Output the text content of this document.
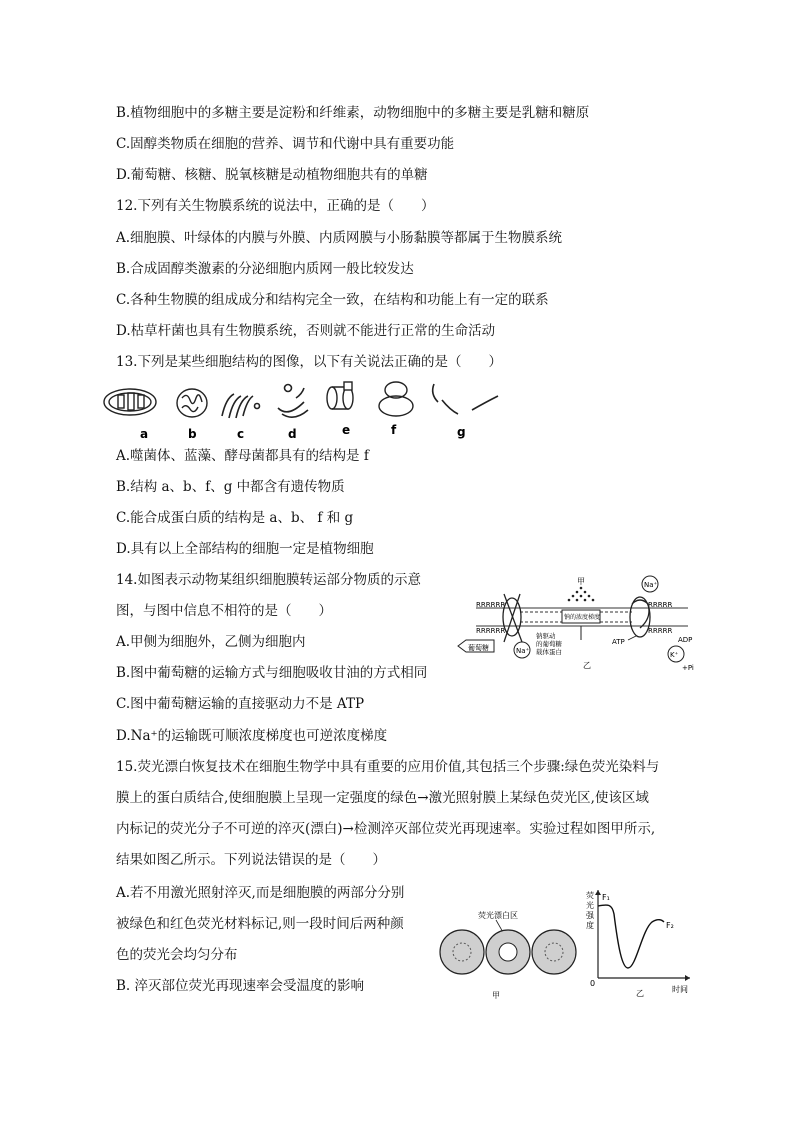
B.植物细胞中的多糖主要是淀粉和纤维素，动物细胞中的多糖主要是乳糖和糖原
C.固醇类物质在细胞的营养、调节和代谢中具有重要功能
D.葡萄糖、核糖、脱氧核糖是动植物细胞共有的单糖
12.下列有关生物膜系统的说法中，正确的是（　　）
A.细胞膜、叶绿体的内膜与外膜、内质网膜与小肠黏膜等都属于生物膜系统
B.合成固醇类激素的分泌细胞内质网一般比较发达
C.各种生物膜的组成成分和结构完全一致，在结构和功能上有一定的联系
D.枯草杆菌也具有生物膜系统，否则就不能进行正常的生命活动
13.下列是某些细胞结构的图像，以下有关说法正确的是（　　）
a	b	c	d	e	f	g
A.噬菌体、蓝藻、酵母菌都具有的结构是 f
B.结构 a、b、f、g 中都含有遗传物质
C.能合成蛋白质的结构是 a、b、 f 和 g
D.具有以上全部结构的细胞一定是植物细胞
14.如图表示动物某组织细胞膜转运部分物质的示意
图，与图中信息不相符的是（　　）
A.甲侧为细胞外，乙侧为细胞内
B.图中葡萄糖的运输方式与细胞吸收甘油的方式相同
C.图中葡萄糖运输的直接驱动力不是 ATP
D.Na⁺的运输既可顺浓度梯度也可逆浓度梯度
RRRRRR	RRRRR
RRRRRR	RRRRR
钠的浓度梯度
甲
乙
Na⁺
K⁺
ATP	ADP
+Pi
葡萄糖	Na⁺
钠驱动
的葡萄糖
载体蛋白
15.荧光漂白恢复技术在细胞生物学中具有重要的应用价值,其包括三个步骤:绿色荧光染料与
膜上的蛋白质结合,使细胞膜上呈现一定强度的绿色→激光照射膜上某绿色荧光区,使该区域
内标记的荧光分子不可逆的淬灭(漂白)→检测淬灭部位荧光再现速率。实验过程如图甲所示,
结果如图乙所示。下列说法错误的是（　　）
A.若不用激光照射淬灭,而是细胞膜的两部分分别
被绿色和红色荧光材料标记,则一段时间后两种颜
色的荧光会均匀分布
B. 淬灭部位荧光再现速率会受温度的影响
荧光漂白区
甲
荧
光
强
度
F₁
F₂
0
时间
乙
